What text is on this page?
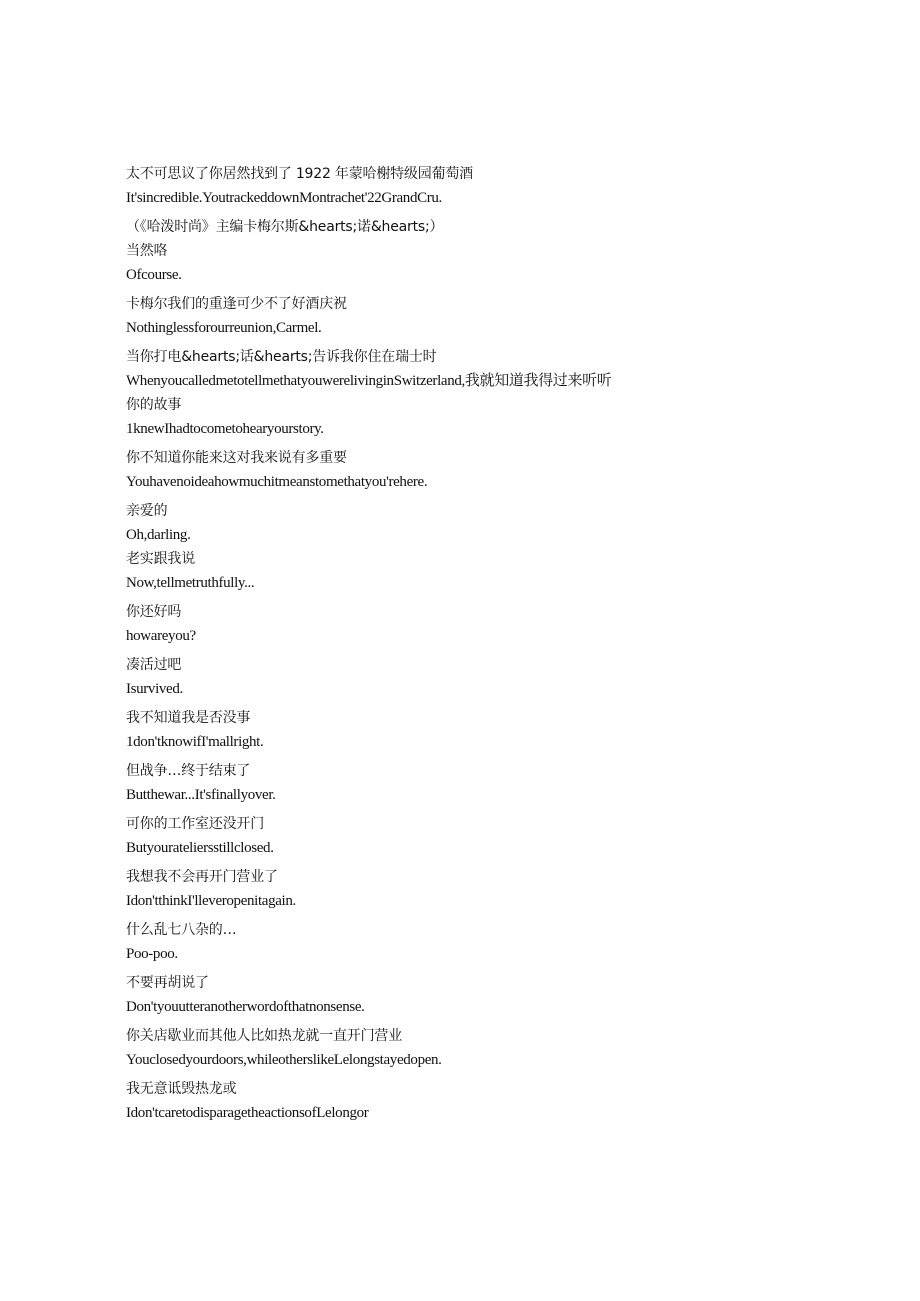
太不可思议了你居然找到了 1922 年蒙哈榭特级园葡萄酒
It'sincredible.YoutrackeddownMontrachet'22GrandCru.
（《哈泼时尚》主编卡梅尔斯&hearts;诺&hearts;）
当然咯
Ofcourse.
卡梅尔我们的重逢可少不了好酒庆祝
Nothinglessforourreunion,Carmel.
当你打电&hearts;话&hearts;告诉我你住在瑞士时
WhenyoucalledmetotellmethatyouwerelivinginSwitzerland,我就知道我得过来听听
你的故事
1knewIhadtocometohearyourstory.
你不知道你能来这对我来说有多重要
Youhavenoideahowmuchitmeanstomethatyou'rehere.
亲爱的
Oh,darling.
老实跟我说
Now,tellmetruthfully...
你还好吗
howareyou?
凑活过吧
Isurvived.
我不知道我是否没事
1don'tknowifI'mallright.
但战争…终于结束了
Butthewar...It'sfinallyover.
可你的工作室还没开门
Butyourateliersstillclosed.
我想我不会再开门营业了
Idon'tthinkI'lleveropenitagain.
什么乱七八杂的…
Poo-poo.
不要再胡说了
Don'tyouutteranotherwordofthatnonsense.
你关店歇业而其他人比如热龙就一直开门营业
Youclosedyourdoors,whileotherslikeLelongstayedopen.
我无意诋毁热龙或
Idon'tcaretodisparagetheactionsofLelongor
